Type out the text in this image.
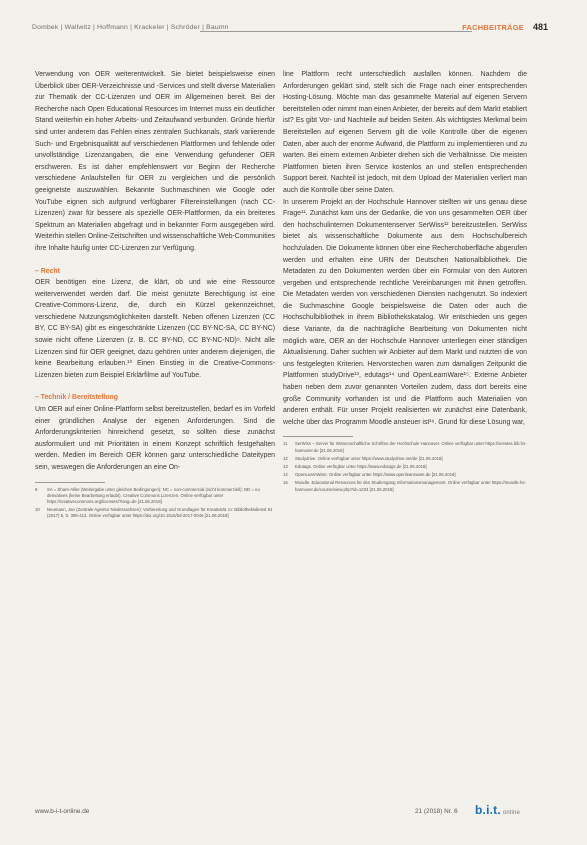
Dombek | Wallwitz | Hoffmann | Krackeler | Schröder | Baumn	FACHBEITRÄGE 481

Verwendung von OER weiterentwickelt. Sie bietet beispielsweise einen Überblick über OER-Verzeichnisse und -Services und stellt diverse Materialien zur Thematik der CC-Lizenzen und OER im Allgemeinen bereit. Bei der Recherche nach Open Educational Resources im Internet muss ein deutlicher Stand weiterhin ein hoher Arbeits- und Zeitaufwand verbunden. Gründe hierfür sind unter anderem das Fehlen eines zentralen Suchkanals, stark variierende Such- und Ergebnisqualität auf verschiedenen Plattformen und fehlende oder unvollständige Lizenzangaben, die eine Verwendung gefundener OER erschweren. Es ist daher empfehlenswert vor Beginn der Recherche verschiedene Anlaufstellen für OER zu vergleichen und die persönlich geeignetste auszuwählen. Bekannte Suchmaschinen wie Google oder YouTube eignen sich aufgrund verfügbarer Filtereinstellungen (nach CC-Lizenzen) zwar für bessere als spezielle OER-Plattformen, da ein breiteres Spektrum an Materialien abgefragt und in bekannter Form ausgegeben wird. Weiterhin stellen Online-Zeitschriften und wissenschaftliche Web-Communities ihre Inhalte häufig unter CC-Lizenzen zur Verfügung.

– Recht

OER benötigen eine Lizenz, die klärt, ob und wie eine Ressource weiterverwendet werden darf. Die meist genutzte Berechtigung ist eine Creative-Commons-Lizenz, die, durch ein Kürzel gekennzeichnet, verschiedene Nutzungsmöglichkeiten darstellt. Neben offenen Lizenzen (CC BY, CC BY-SA) gibt es eingeschränkte Lizenzen (CC BY-NC-SA, CC BY-NC) sowie nicht offene Lizenzen (z. B. CC BY-ND, CC BY-NC-ND)⁹. Nicht alle Lizenzen sind für OER geeignet, dazu gehören unter anderem diejenigen, die keine Bearbeitung erlauben.¹⁰ Einen Einstieg in die Creative-Commons-Lizenzen bieten zum Beispiel Erklärfilme auf YouTube.

– Technik / Bereitstellung

Um OER auf einer Online-Plattform selbst bereitzustellen, bedarf es im Vorfeld einer gründlichen Analyse der eigenen Anforderungen. Sind die Anforderungskriterien hinreichend gesetzt, so sollten diese zunächst ausformuliert und mit Prioritäten in einem Konzept schriftlich festgehalten werden. Medien im Bereich OER können ganz unterschiedliche Dateitypen sein, weswegen die Anforderungen an eine On-

9	SA = Share-Alike (Weitergabe unter gleichen Bedingungen); NC = non-commercial (nicht kommerziell); ND = no derivatives (keine Bearbeitung erlaubt). Creative Commons Lizenzen. Online verfügbar unter https://creativecommons.org/licenses/?lang=de [21.06.2018]
10	Neumann, Jan (Zentrale Agentur Niedersachsen): Vorbereitung und Grundlagen für Kreativität. In: Bibliotheksdienst 51 (2017) 5, S. 395-413. Online verfügbar unter https://doi.org/10.1515/bd-2017-0046 [21.06.2018]

line Plattform recht unterschiedlich ausfallen können. Nachdem die Anforderungen geklärt sind, stellt sich die Frage nach einer entsprechenden Hosting-Lösung. Möchte man das gesammelte Material auf eigenen Servern bereitstellen oder nimmt man einen Anbieter, der bereits auf dem Markt etabliert ist? Es gibt Vor- und Nachteile auf beiden Seiten. Als wichtigstes Merkmal beim Bereitstellen auf eigenen Servern gilt die volle Kontrolle über die eigenen Daten, aber auch der enorme Aufwand, die Plattform zu implementieren und zu warten. Bei einem externen Anbieter drehen sich die Verhältnisse. Die meisten Plattformen bieten ihren Service kostenlos an und stellen entsprechenden Support bereit. Nachteil ist jedoch, mit dem Upload der Materialien verliert man auch die Kontrolle über seine Daten.

In unserem Projekt an der Hochschule Hannover stellten wir uns genau diese Frage¹¹. Zunächst kam uns der Gedanke, die von uns gesammelten OER über den hochschulinternen Dokumentenserver SerWiss¹² bereitzustellen. SerWiss bietet als wissenschaftliche Dokumente aus dem Hochschulbereich hochzuladen. Die Dokumente können über eine Recherchoberfläche abgerufen werden und erhalten eine URN der Deutschen Nationalbibliothek. Die Metadaten zu den Dokumenten werden über ein Formular von den Autoren vergeben und entsprechende rechtliche Vereinbarungen mit ihnen getroffen. Die Metadaten werden von verschiedenen Diensten nachgenutzt. So indexiert die Suchmaschine Google beispielsweise die Daten oder auch die Hochschulbibliothek in ihrem Bibliothekskatalog. Wir entschieden uns gegen diese Variante, da die nachträgliche Bearbeitung von Dokumenten nicht möglich wäre, OER an der Hochschule Hannover unterliegen einer ständigen Aktualisierung. Daher suchten wir Anbieter auf dem Markt und nutzten die von uns festgelegten Kriterien. Hervorstechen waren zum damaligen Zeitpunkt die Plattformen studyDrive¹³, edutags¹⁴ und OpenLearnWare¹⁵. Externe Anbieter haben neben dem zuvor genannten Vorteilen zudem, dass dort bereits eine große Community vorhanden ist und die Plattform auch Materialien von anderen enthält. Für unser Projekt realisierten wir zunächst eine Datenbank, welche über das Programm Moodle ansteuer ist¹⁶. Grund für diese Lösung war,

11	SerWiss – Server für Wissenschaftliche Schriften der Hochschule Hannover. Online verfügbar unter https://serwiss.bib.hs-hannover.de [21.06.2018]
12	Studydrive. Online verfügbar unter https://www.studydrive.net/de [21.06.2018]
13	Edutags. Online verfügbar unter https://www.edutags.de [21.06.2018]
14	OpenLearnWare. Online verfügbar unter https://www.openlearnware.de [21.06.2018]
15	Moodle. Educational Resources für den Studiengang Informationsmanagement. Online verfügbar unter https://moodle.hs-hannover.de/course/view.php?id=1234 [21.06.2018]
www.b-i-t-online.de	21 (2018) Nr. 6 b.i.t. online
